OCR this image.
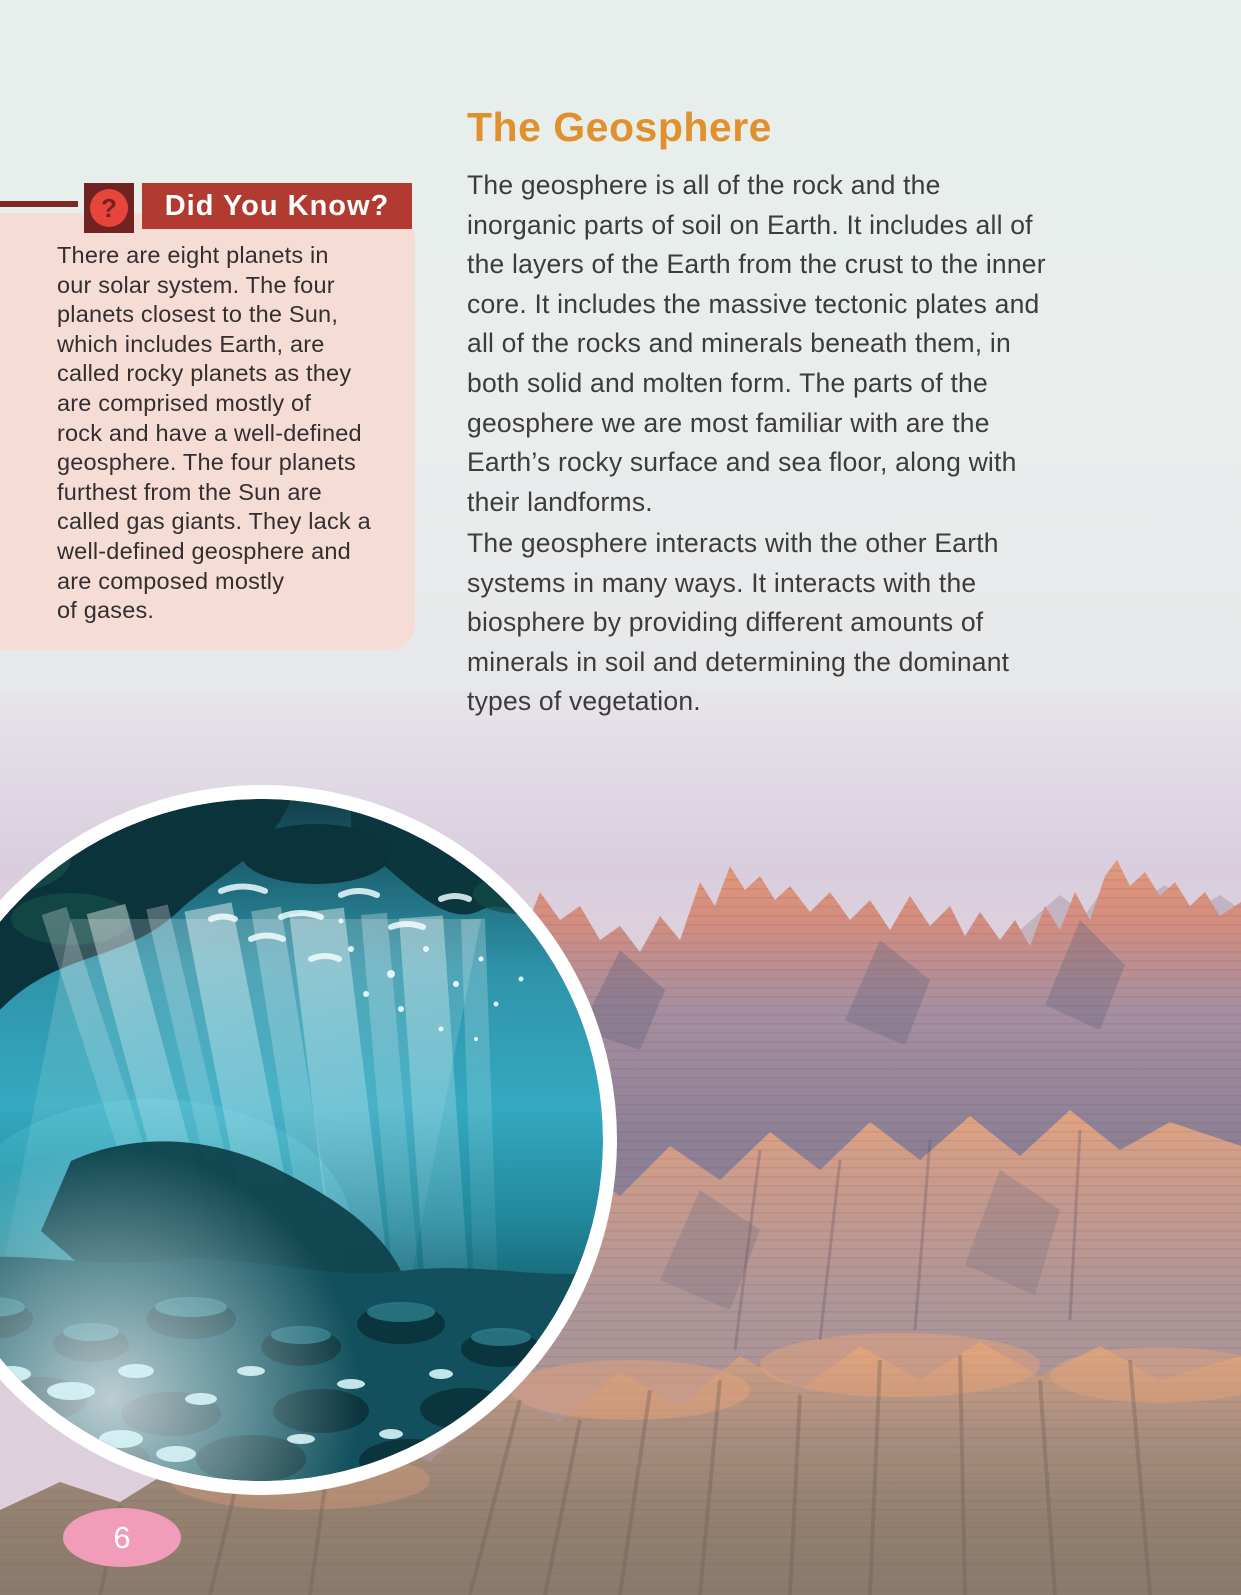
There are eight planets in
our solar system. The four
planets closest to the Sun,
which includes Earth, are
called rocky planets as they
are comprised mostly of
rock and have a well-defined
geosphere. The four planets
furthest from the Sun are
called gas giants. They lack a
well-defined geosphere and
are composed mostly
of gases.

?	Did You Know?
The Geosphere

The geosphere is all of the rock and the
inorganic parts of soil on Earth. It includes all of
the layers of the Earth from the crust to the inner
core. It includes the massive tectonic plates and
all of the rocks and minerals beneath them, in
both solid and molten form. The parts of the
geosphere we are most familiar with are the
Earth’s rocky surface and sea floor, along with
their landforms.

The geosphere interacts with the other Earth
systems in many ways. It interacts with the
biosphere by providing different amounts of
minerals in soil and determining the dominant
types of vegetation.

6
